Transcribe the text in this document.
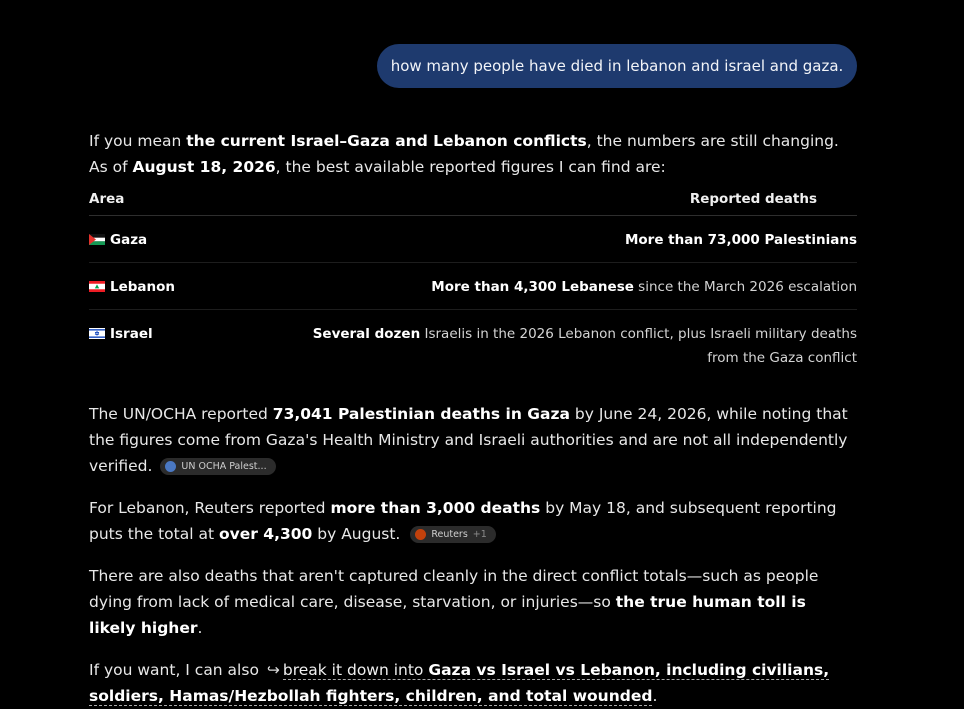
how many people have died in lebanon and israel and gaza.

If you mean the current Israel–Gaza and Lebanon conflicts, the numbers are still changing. As of August 18, 2026, the best available reported figures I can find are:

Area	Reported deaths
Gaza	More than 73,000 Palestinians
Lebanon	More than 4,300 Lebanese since the March 2026 escalation
Israel	Several dozen Israelis in the 2026 Lebanon conflict, plus Israeli military deaths from the Gaza conflict

The UN/OCHA reported 73,041 Palestinian deaths in Gaza by June 24, 2026, while noting that the figures come from Gaza's Health Ministry and Israeli authorities and are not all independently verified.	UN OCHA Palest...

For Lebanon, Reuters reported more than 3,000 deaths by May 18, and subsequent reporting puts the total at over 4,300 by August.	Reuters +1

There are also deaths that aren't captured cleanly in the direct conflict totals—such as people dying from lack of medical care, disease, starvation, or injuries—so the true human toll is likely higher.

If you want, I can also ↪ break it down into Gaza vs Israel vs Lebanon, including civilians, soldiers, Hamas/Hezbollah fighters, children, and total wounded.
